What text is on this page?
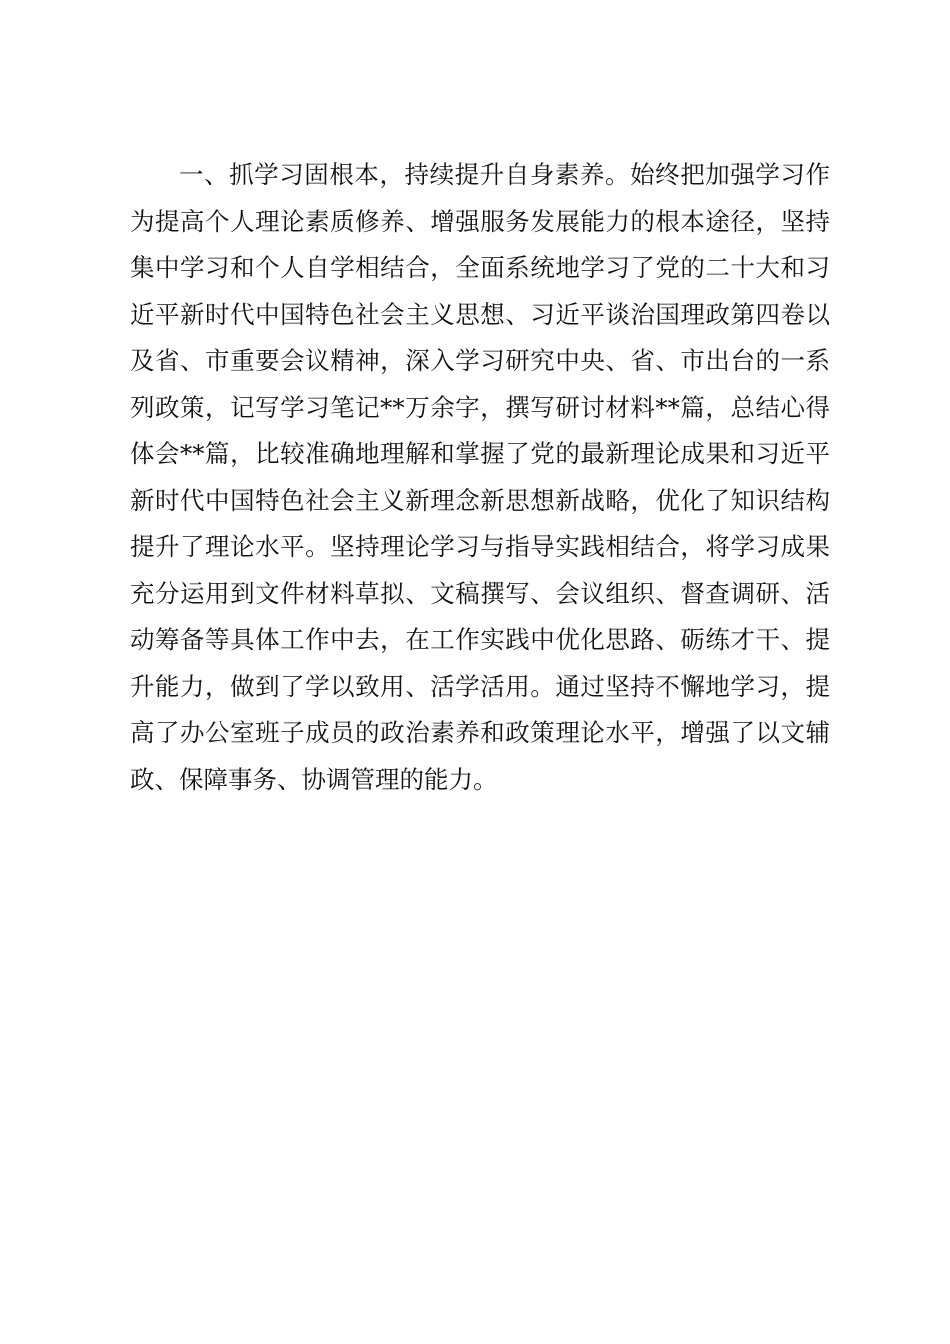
一、抓学习固根本，持续提升自身素养。始终把加强学习作
为提高个人理论素质修养、增强服务发展能力的根本途径，坚持
集中学习和个人自学相结合，全面系统地学习了党的二十大和习
近平新时代中国特色社会主义思想、习近平谈治国理政第四卷以
及省、市重要会议精神，深入学习研究中央、省、市出台的一系
列政策，记写学习笔记**万余字，撰写研讨材料**篇，总结心得
体会**篇，比较准确地理解和掌握了党的最新理论成果和习近平
新时代中国特色社会主义新理念新思想新战略，优化了知识结构
提升了理论水平。坚持理论学习与指导实践相结合，将学习成果
充分运用到文件材料草拟、文稿撰写、会议组织、督查调研、活
动筹备等具体工作中去，在工作实践中优化思路、砺练才干、提
升能力，做到了学以致用、活学活用。通过坚持不懈地学习，提
高了办公室班子成员的政治素养和政策理论水平，增强了以文辅
政、保障事务、协调管理的能力。
